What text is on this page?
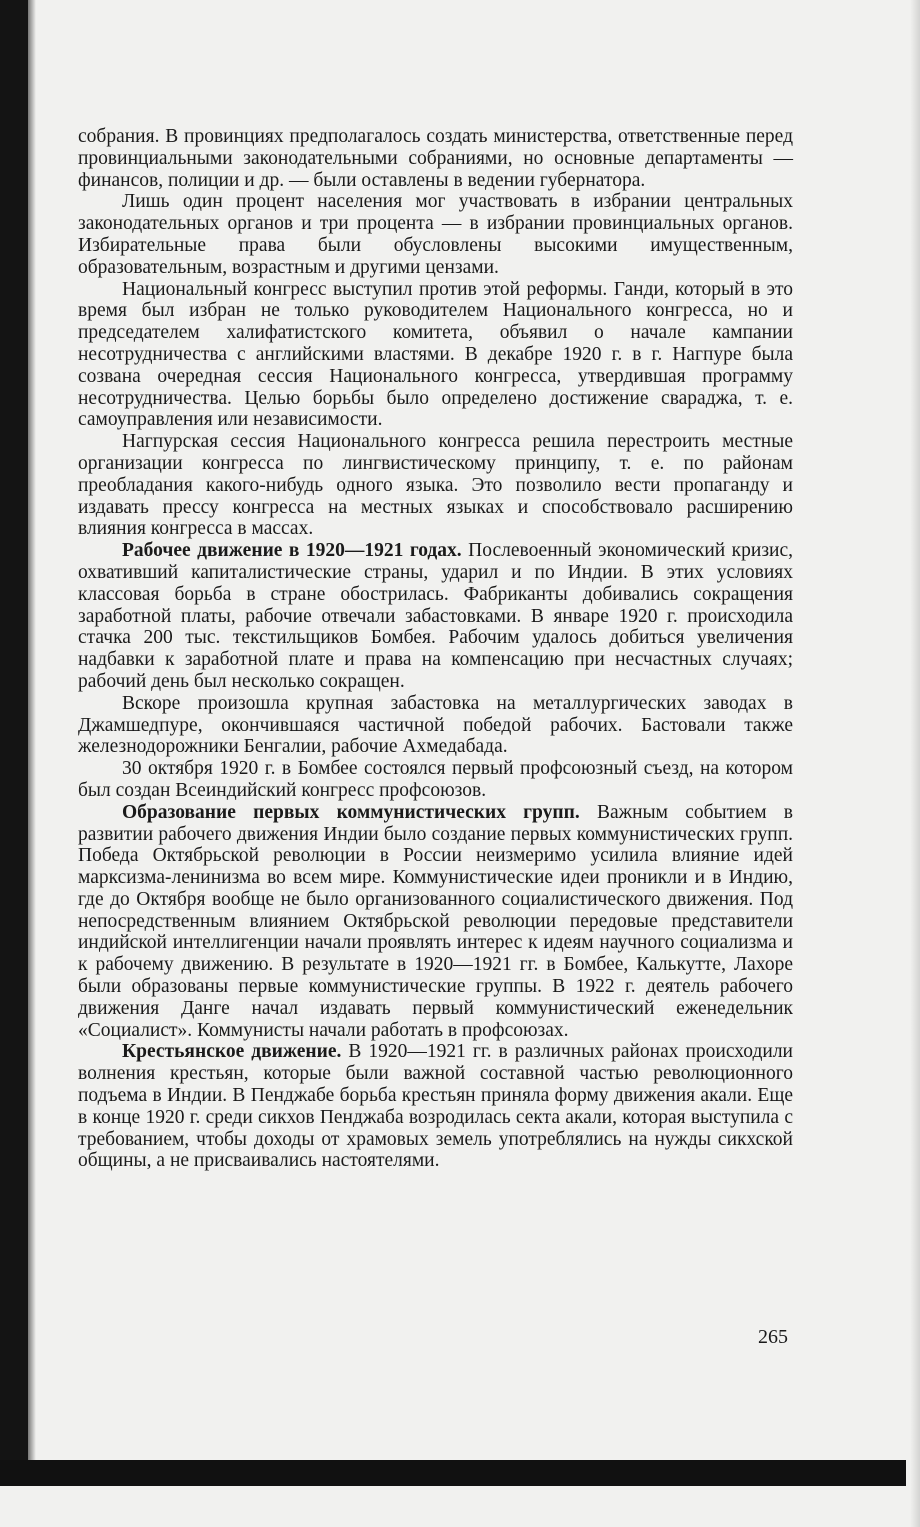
собрания. В провинциях предполагалось создать министерства, ответственные перед провинциальными законодательными собраниями, но основные департаменты — финансов, полиции и др. — были оставлены в ведении губернатора.

Лишь один процент населения мог участвовать в избрании центральных законодательных органов и три процента — в избрании провинциальных органов. Избирательные права были обусловлены высокими имущественным, образовательным, возрастным и другими цензами.

Национальный конгресс выступил против этой реформы. Ганди, который в это время был избран не только руководителем Национального конгресса, но и председателем халифатистского комитета, объявил о начале кампании несотрудничества с английскими властями. В декабре 1920 г. в г. Нагпуре была созвана очередная сессия Национального конгресса, утвердившая программу несотрудничества. Целью борьбы было определено достижение свараджа, т. е. самоуправления или независимости.

Нагпурская сессия Национального конгресса решила перестроить местные организации конгресса по лингвистическому принципу, т. е. по районам преобладания какого-нибудь одного языка. Это позволило вести пропаганду и издавать прессу конгресса на местных языках и способствовало расширению влияния конгресса в массах.

Рабочее движение в 1920—1921 годах. Послевоенный экономический кризис, охвативший капиталистические страны, ударил и по Индии. В этих условиях классовая борьба в стране обострилась. Фабриканты добивались сокращения заработной платы, рабочие отвечали забастовками. В январе 1920 г. происходила стачка 200 тыс. текстильщиков Бомбея. Рабочим удалось добиться увеличения надбавки к заработной плате и права на компенсацию при несчастных случаях; рабочий день был несколько сокращен.

Вскоре произошла крупная забастовка на металлургических заводах в Джамшедпуре, окончившаяся частичной победой рабочих. Бастовали также железнодорожники Бенгалии, рабочие Ахмедабада.

30 октября 1920 г. в Бомбее состоялся первый профсоюзный съезд, на котором был создан Всеиндийский конгресс профсоюзов.

Образование первых коммунистических групп. Важным событием в развитии рабочего движения Индии было создание первых коммунистических групп. Победа Октябрьской революции в России неизмеримо усилила влияние идей марксизма-ленинизма во всем мире. Коммунистические идеи проникли и в Индию, где до Октября вообще не было организованного социалистического движения. Под непосредственным влиянием Октябрьской революции передовые представители индийской интеллигенции начали проявлять интерес к идеям научного социализма и к рабочему движению. В результате в 1920—1921 гг. в Бомбее, Калькутте, Лахоре были образованы первые коммунистические группы. В 1922 г. деятель рабочего движения Данге начал издавать первый коммунистический еженедельник «Социалист». Коммунисты начали работать в профсоюзах.

Крестьянское движение. В 1920—1921 гг. в различных районах происходили волнения крестьян, которые были важной составной частью революционного подъема в Индии. В Пенджабе борьба крестьян приняла форму движения акали. Еще в конце 1920 г. среди сикхов Пенджаба возродилась секта акали, которая выступила с требованием, чтобы доходы от храмовых земель употреблялись на нужды сикхской общины, а не присваивались настоятелями.

265
